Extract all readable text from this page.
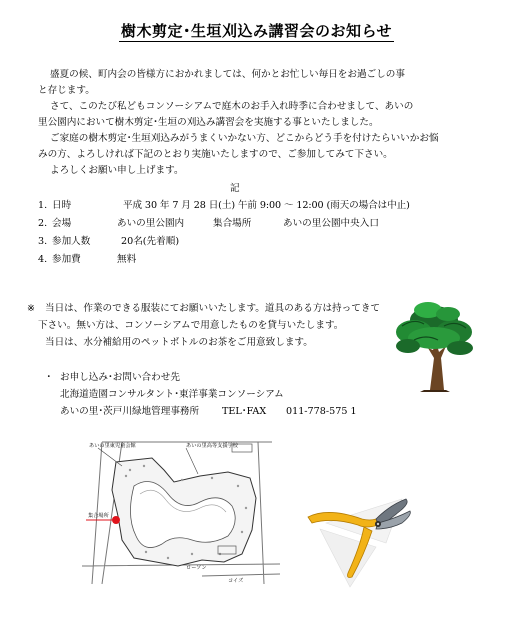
樹木剪定･生垣刈込み講習会のお知らせ
盛夏の候、町内会の皆様方におかれましては、何かとお忙しい毎日をお過ごしの事
と存じます。
さて、このたび私どもコンソーシアムで庭木のお手入れ時季に合わせまして、あいの
里公園内において樹木剪定･生垣の刈込み講習会を実施する事といたしました。
ご家庭の樹木剪定･生垣刈込みがうまくいかない方、どこからどう手を付けたらいいかお悩
みの方、よろしければ下記のとおり実施いたしますので、ご参加してみて下さい。
よろしくお願い申し上げます。
記
1. 日時	平成 30 年 7 月 28 日(土) 午前 9:00 ～ 12:00 (雨天の場合は中止)
2. 会場	あいの里公園内	集合場所	あいの里公園中央入口
3. 参加人数	20名(先着順)
4. 参加費	無料
※ 当日は、作業のできる服装にてお願いいたします。道具のある方は持ってきて
下さい。無い方は、コンソーシアムで用意したものを貸与いたします。
当日は、水分補給用のペットボトルのお茶をご用意致します。
・ お申し込み･お問い合わせ先
北海道造園コンサルタント･東洋事業コンソーシアム
あいの里･茨戸川緑地管理事務所 TEL･FAX 011-778-575 1
あいの里東児童会館	あいの里高等支援学校
集合場所
ローソン
コイズ
